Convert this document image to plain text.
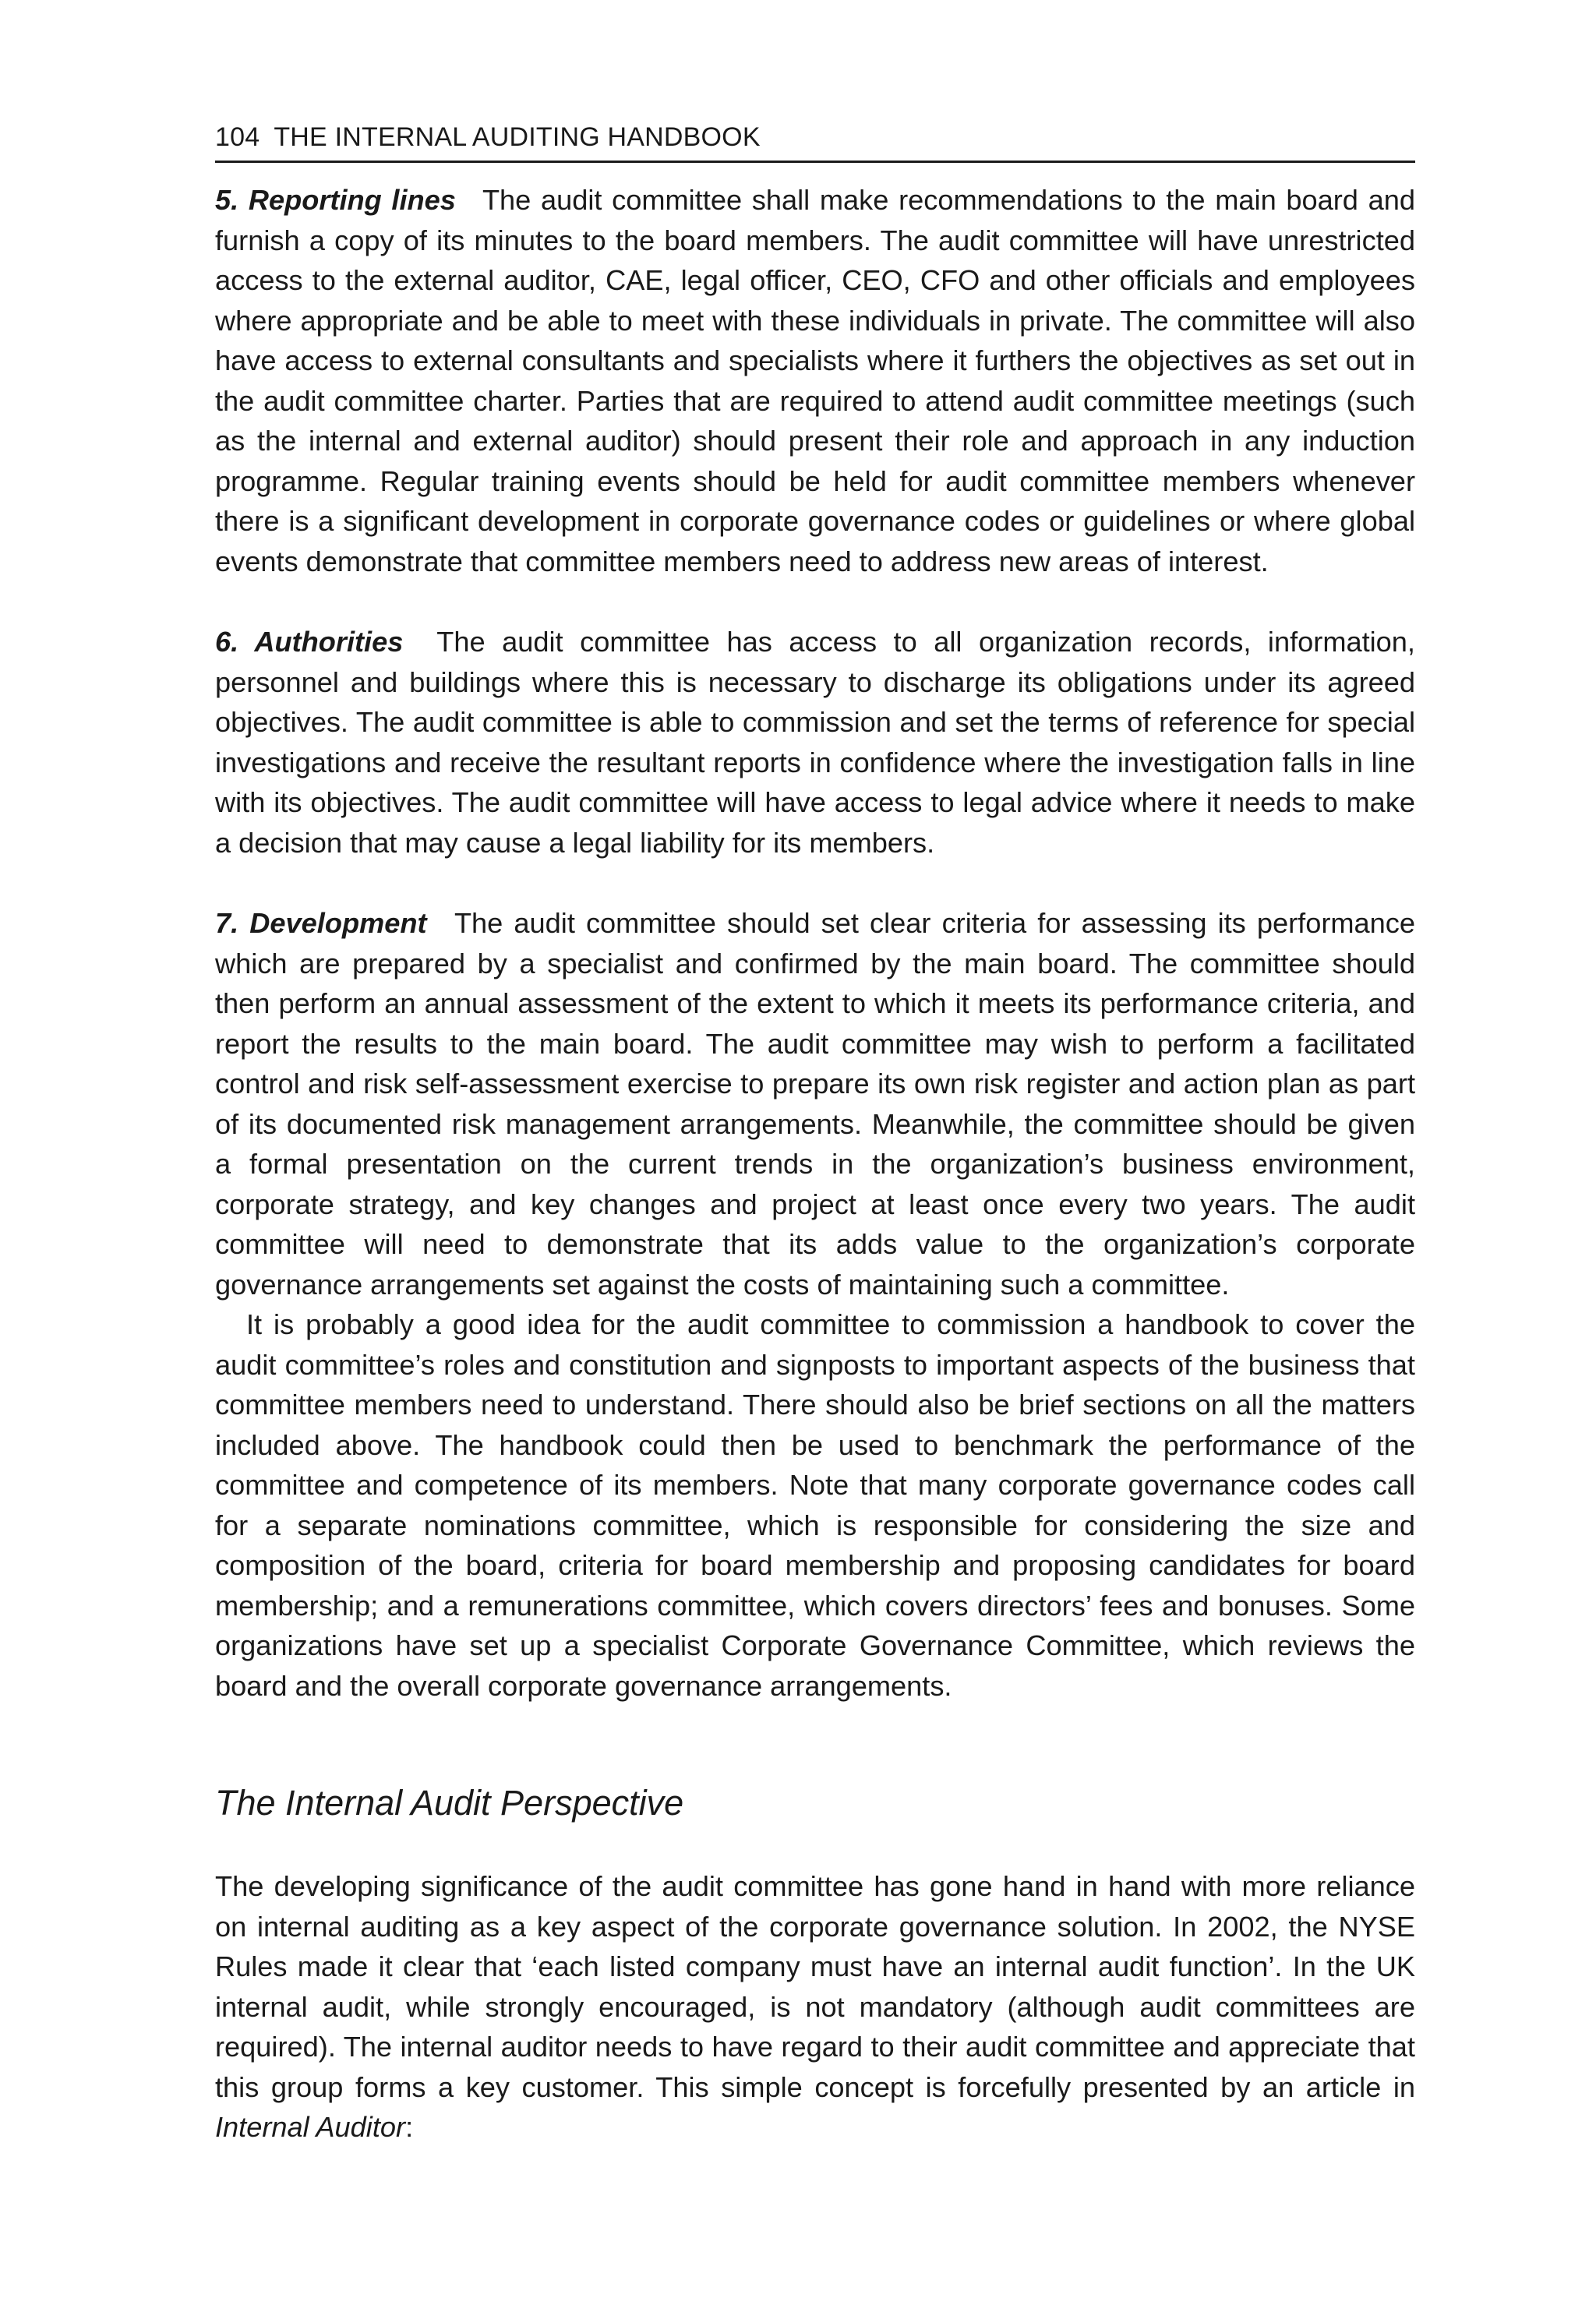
104 THE INTERNAL AUDITING HANDBOOK

5. Reporting lines The audit committee shall make recommendations to the main board and furnish a copy of its minutes to the board members. The audit committee will have unrestricted access to the external auditor, CAE, legal officer, CEO, CFO and other officials and employees where appropriate and be able to meet with these individuals in private. The committee will also have access to external consultants and specialists where it furthers the objectives as set out in the audit committee charter. Parties that are required to attend audit committee meetings (such as the internal and external auditor) should present their role and approach in any induction programme. Regular training events should be held for audit committee members whenever there is a significant development in corporate governance codes or guidelines or where global events demonstrate that committee members need to address new areas of interest.

6. Authorities The audit committee has access to all organization records, information, personnel and buildings where this is necessary to discharge its obligations under its agreed objectives. The audit committee is able to commission and set the terms of reference for special investigations and receive the resultant reports in confidence where the investigation falls in line with its objectives. The audit committee will have access to legal advice where it needs to make a decision that may cause a legal liability for its members.

7. Development The audit committee should set clear criteria for assessing its performance which are prepared by a specialist and confirmed by the main board. The committee should then perform an annual assessment of the extent to which it meets its performance criteria, and report the results to the main board. The audit committee may wish to perform a facilitated control and risk self-assessment exercise to prepare its own risk register and action plan as part of its documented risk management arrangements. Meanwhile, the committee should be given a formal presentation on the current trends in the organization’s business environment, corporate strategy, and key changes and project at least once every two years. The audit committee will need to demonstrate that its adds value to the organization’s corporate governance arrangements set against the costs of maintaining such a committee.

It is probably a good idea for the audit committee to commission a handbook to cover the audit committee’s roles and constitution and signposts to important aspects of the business that committee members need to understand. There should also be brief sections on all the matters included above. The handbook could then be used to benchmark the performance of the committee and competence of its members. Note that many corporate governance codes call for a separate nominations committee, which is responsible for considering the size and composition of the board, criteria for board membership and proposing candidates for board membership; and a remunerations committee, which covers directors’ fees and bonuses. Some organizations have set up a specialist Corporate Governance Committee, which reviews the board and the overall corporate governance arrangements.

The Internal Audit Perspective

The developing significance of the audit committee has gone hand in hand with more reliance on internal auditing as a key aspect of the corporate governance solution. In 2002, the NYSE Rules made it clear that ‘each listed company must have an internal audit function’. In the UK internal audit, while strongly encouraged, is not mandatory (although audit committees are required). The internal auditor needs to have regard to their audit committee and appreciate that this group forms a key customer. This simple concept is forcefully presented by an article in Internal Auditor:
